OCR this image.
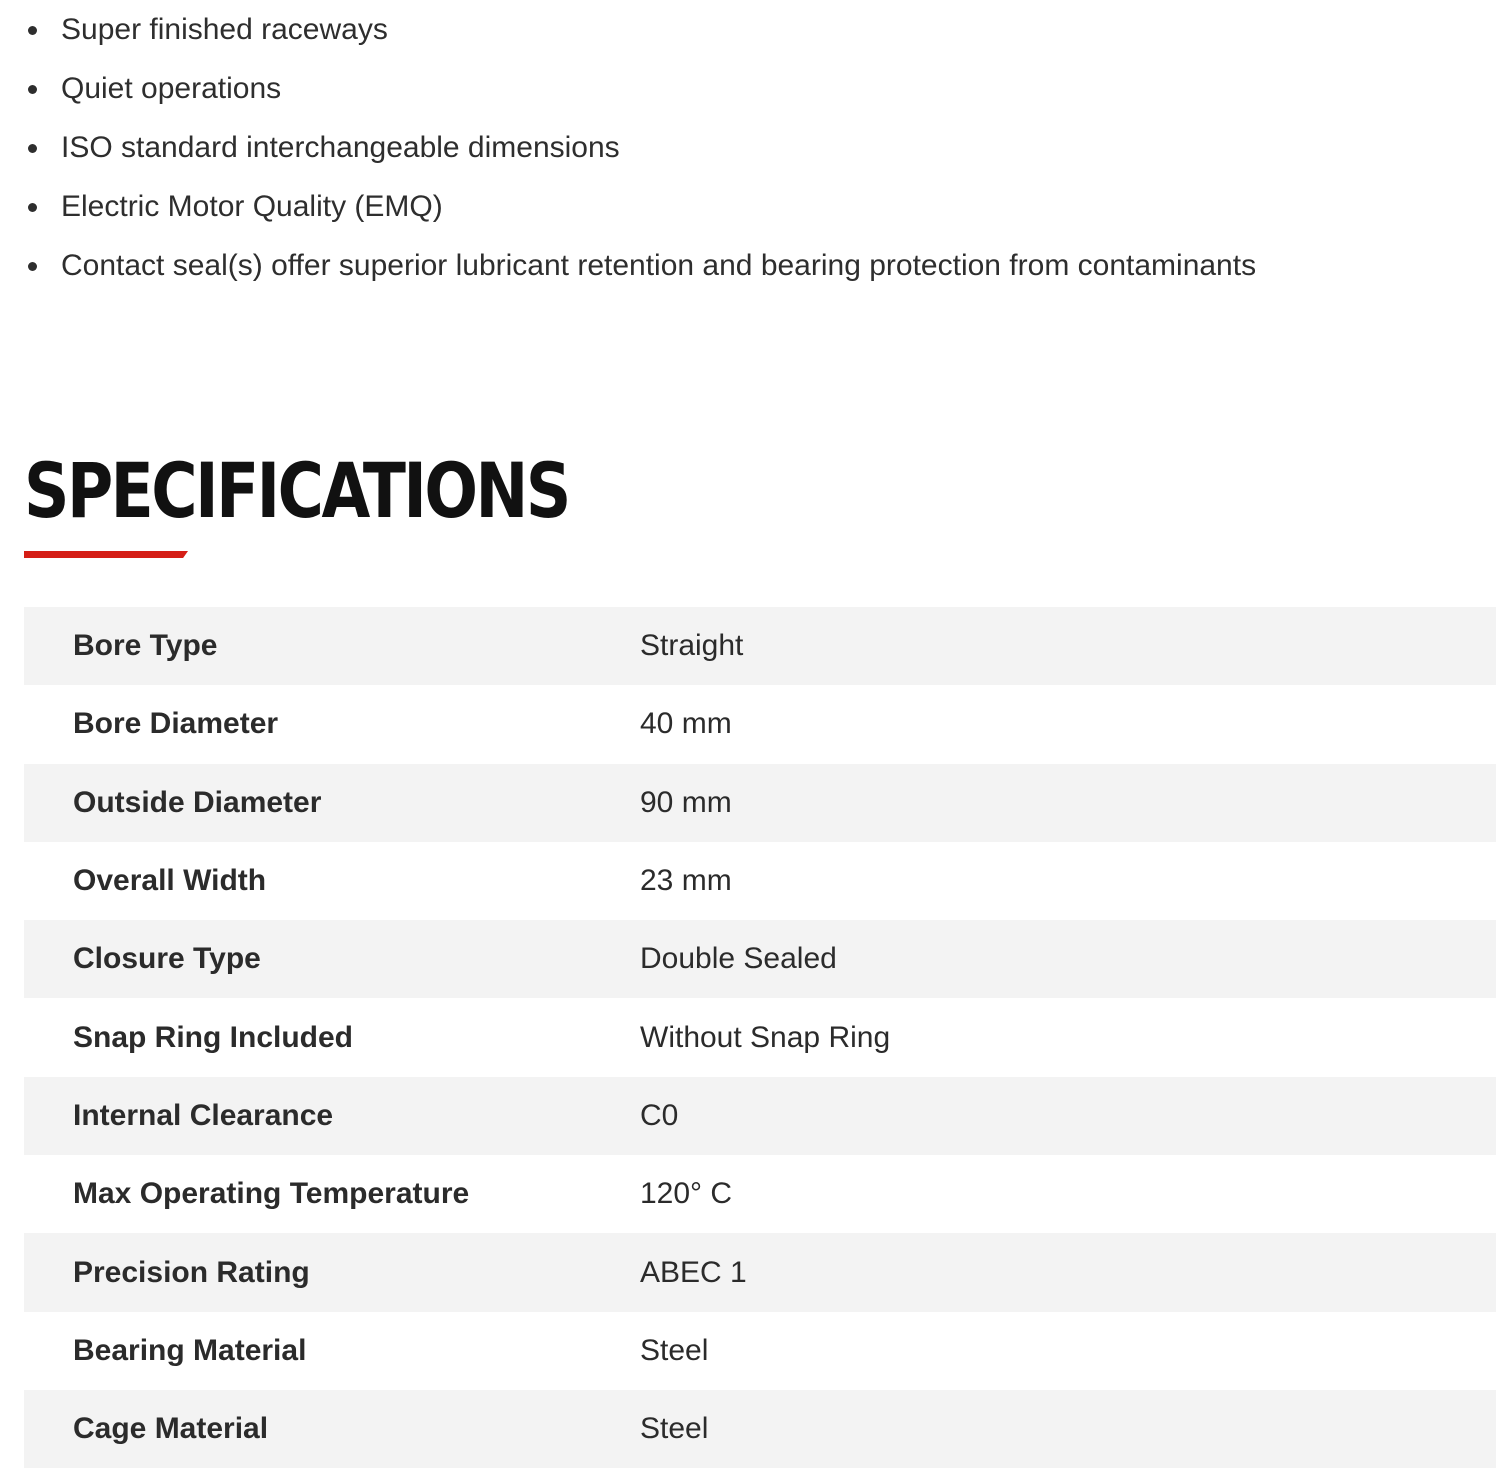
Super finished raceways
Quiet operations
ISO standard interchangeable dimensions
Electric Motor Quality (EMQ)
Contact seal(s) offer superior lubricant retention and bearing protection from contaminants
SPECIFICATIONS
Bore Type	Straight
Bore Diameter	40 mm
Outside Diameter	90 mm
Overall Width	23 mm
Closure Type	Double Sealed
Snap Ring Included	Without Snap Ring
Internal Clearance	C0
Max Operating Temperature	120° C
Precision Rating	ABEC 1
Bearing Material	Steel
Cage Material	Steel
